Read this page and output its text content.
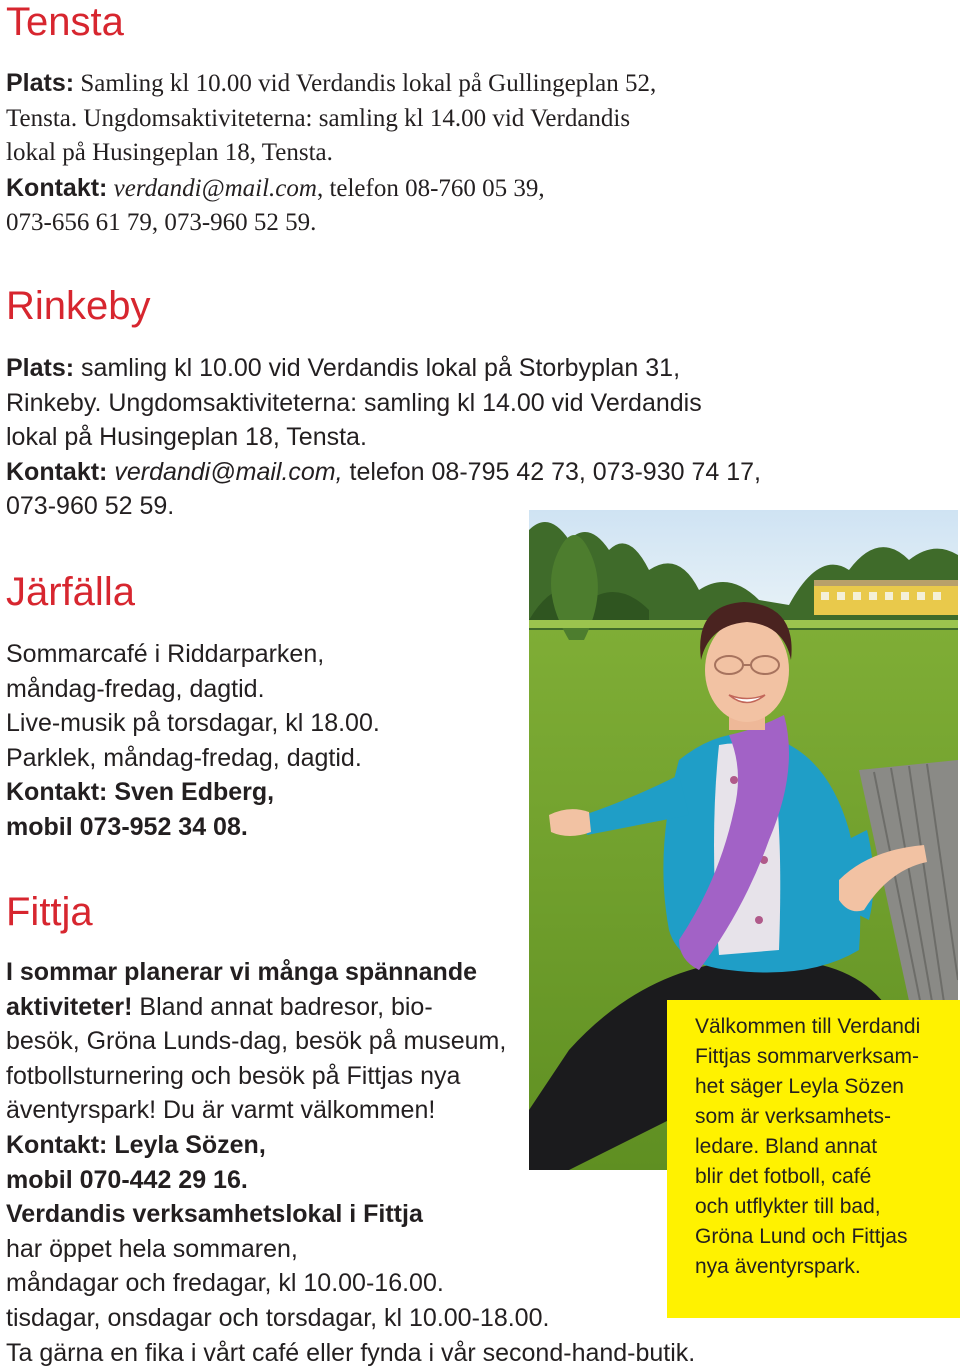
Tensta
Plats: Samling kl 10.00 vid Verdandis lokal på Gullingeplan 52,
Tensta. Ungdomsaktiviteterna: samling kl 14.00 vid Verdandis
lokal på Husingeplan 18, Tensta.
Kontakt: verdandi@mail.com, telefon 08-760 05 39,
073-656 61 79, 073-960 52 59.
Rinkeby
Plats: samling kl 10.00 vid Verdandis lokal på Storbyplan 31,
Rinkeby. Ungdomsaktiviteterna: samling kl 14.00 vid Verdandis
lokal på Husingeplan 18, Tensta.
Kontakt: verdandi@mail.com, telefon 08-795 42 73, 073-930 74 17,
073-960 52 59.
Järfälla
Sommarcafé i Riddarparken,
måndag-fredag, dagtid.
Live-musik på torsdagar, kl 18.00.
Parklek, måndag-fredag, dagtid.
Kontakt: Sven Edberg,
mobil 073-952 34 08.
Fittja
I sommar planerar vi många spännande
aktiviteter! Bland annat badresor, bio-
besök, Gröna Lunds-dag, besök på museum,
fotbollsturnering och besök på Fittjas nya
äventyrspark! Du är varmt välkommen!
Kontakt: Leyla Sözen,
mobil 070-442 29 16.
Verdandis verksamhetslokal i Fittja
har öppet hela sommaren,
måndagar och fredagar, kl 10.00-16.00.
tisdagar, onsdagar och torsdagar, kl 10.00-18.00.
Ta gärna en fika i vårt café eller fynda i vår second-hand-butik.
Välkommen till Verdandi
Fittjas sommarverksam-
het säger Leyla Sözen
som är verksamhets-
ledare. Bland annat
blir det fotboll, café
och utflykter till bad,
Gröna Lund och Fittjas
nya äventyrspark.
